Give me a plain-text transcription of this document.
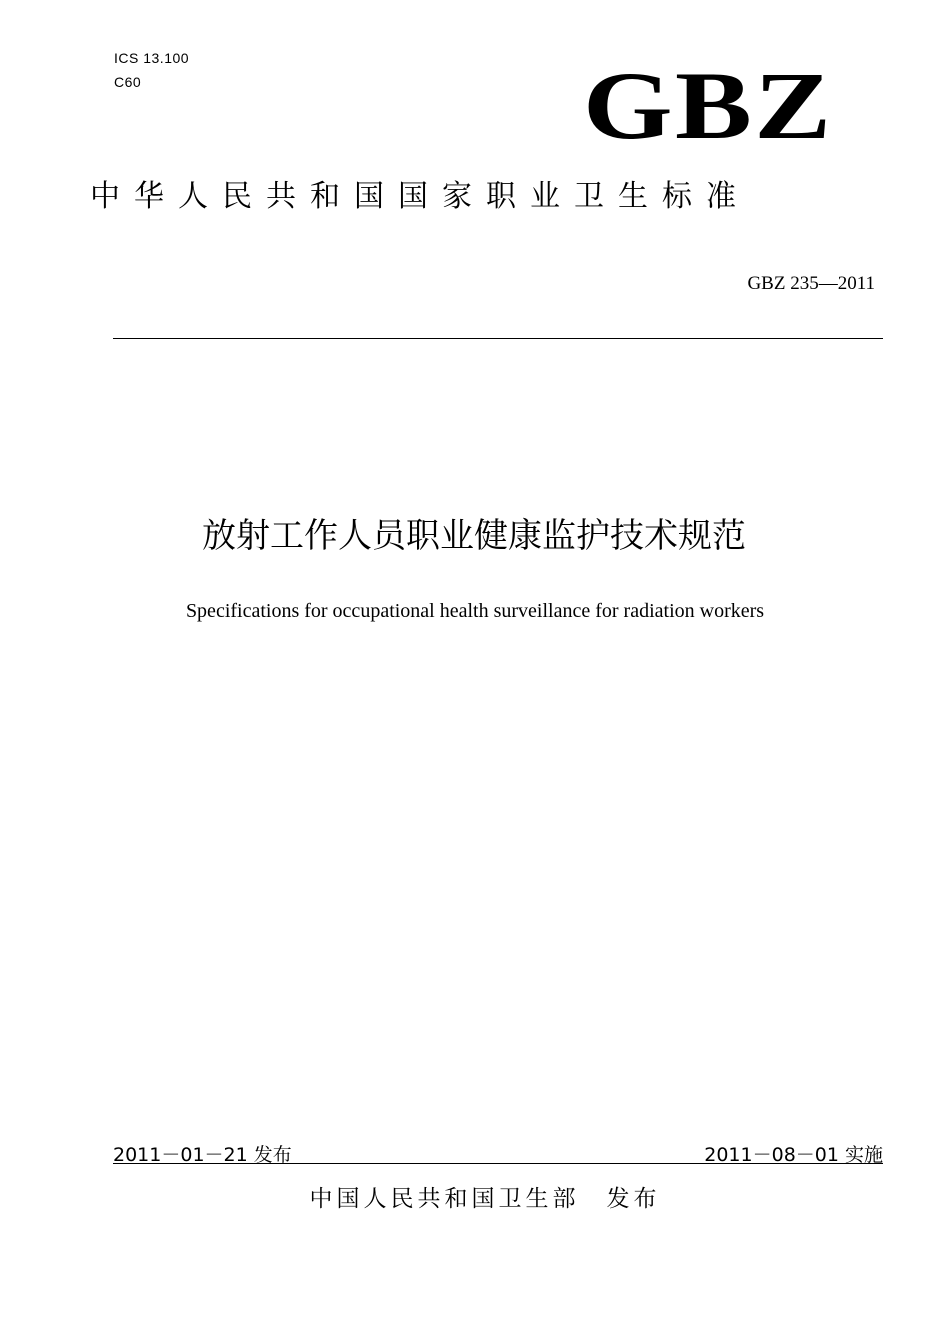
ICS 13.100
C60	GBZ
中华人民共和国国家职业卫生标准
GBZ 235—2011
放射工作人员职业健康监护技术规范
Specifications for occupational health surveillance for radiation workers
2011－01－21 发布	2011－08－01 实施
中国人民共和国卫生部　发布
